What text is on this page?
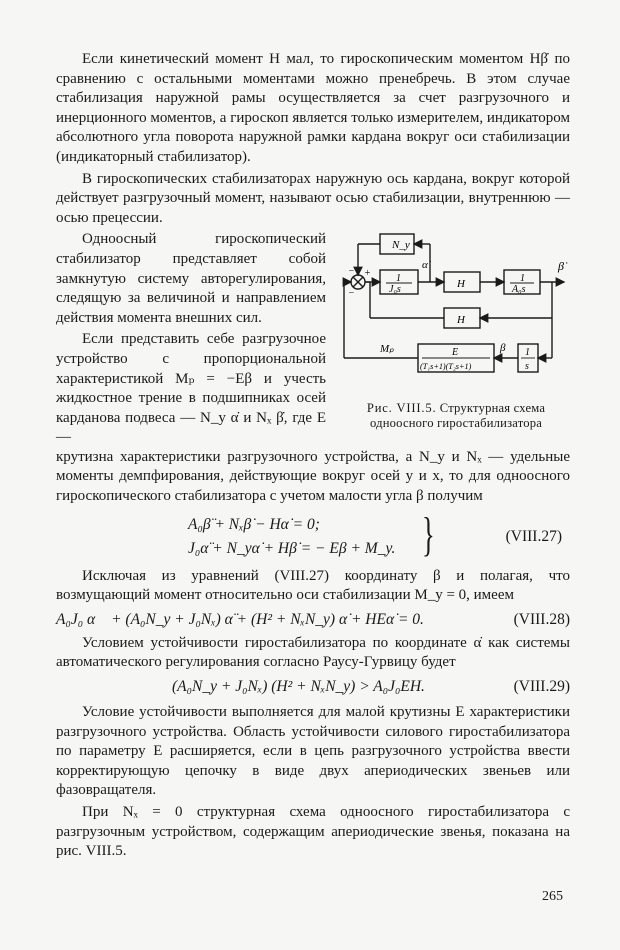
Если кинетический момент H мал, то гироскопическим моментом Hβ̇ по сравнению с остальными моментами можно пренебречь. В этом случае стабилизация наружной рамы осуществляется за счет разгрузочного и инерционного моментов, а гироскоп является только измерителем, индикатором абсолютного угла поворота наружной рамки кардана вокруг оси стабилизации (индикаторный стабилизатор).

В гироскопических стабилизаторах наружную ось кардана, вокруг которой действует разгрузочный момент, называют осью стабилизации, внутреннюю — осью прецессии.

Одноосный гироскопический стабилизатор представляет собой замкнутую систему авторегулирования, следящую за величиной и направлением действия момента внешних сил.

Если представить себе разгрузочное устройство с пропорциональной характеристикой Mₚ = −Eβ и учесть жидкостное трение в подшипниках осей карданова подвеса — N_y α̇ и Nₓ β̇, где E —

N_y
1
J₀s	H	1
A₀s
H
E
(T₁s+1)(T₂s+1)
1
s
α̇	β̇
β
Mₚ
− +
−
Рис. VIII.5. Структурная схема одноосного гиростабилизатора

крутизна характеристики разгрузочного устройства, а N_y и Nₓ — удельные моменты демпфирования, действующие вокруг осей y и x, то для одноосного гироскопического стабилизатора с учетом малости угла β получим

A₀β̈ + Nₓβ̇ − Hα̇ = 0;
J₀α̈ + N_yα̇ + Hβ̇ = − Eβ + M_y. }	(VIII.27)

Исключая из уравнений (VIII.27) координату β и полагая, что возмущающий момент относительно оси стабилизации M_y = 0, имеем

A₀J₀ α⃛ + (A₀N_y + J₀Nₓ) α̈ + (H² + NₓN_y) α̇ + HEα̇ = 0.	(VIII.28)

Условием устойчивости гиростабилизатора по координате α̇ как системы автоматического регулирования согласно Раусу-Гурвицу будет

(A₀N_y + J₀Nₓ) (H² + NₓN_y) > A₀J₀EH.	(VIII.29)

Условие устойчивости выполняется для малой крутизны E характеристики разгрузочного устройства. Область устойчивости силового гиростабилизатора по параметру E расширяется, если в цепь разгрузочного устройства ввести корректирующую цепочку в виде двух апериодических звеньев или фазовращателя.

При Nₓ = 0 структурная схема одноосного гиростабилизатора с разгрузочным устройством, содержащим апериодические звенья, показана на рис. VIII.5.

265
